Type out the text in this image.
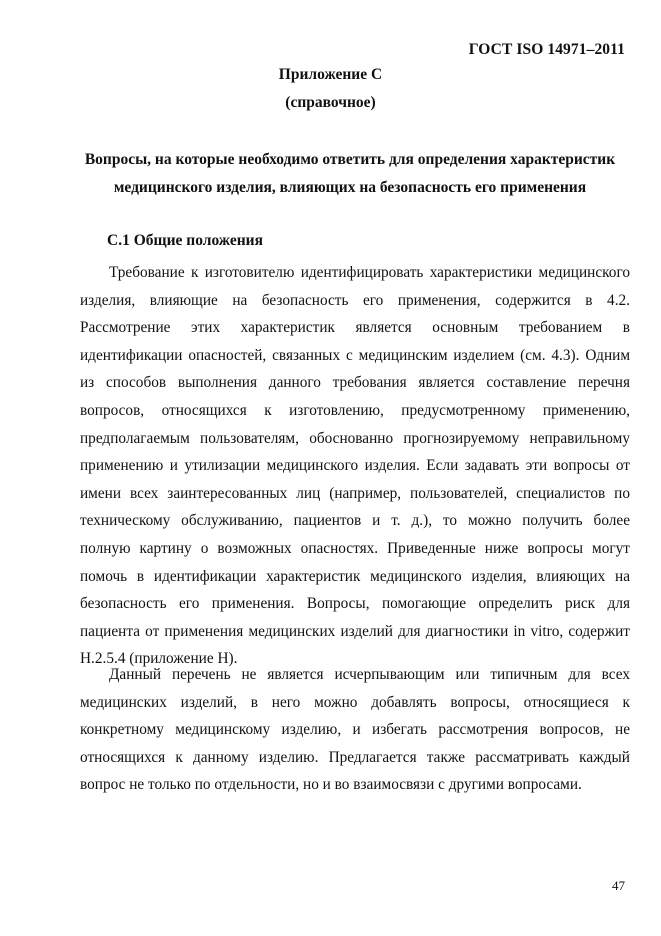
ГОСТ ISO 14971–2011
Приложение С
(справочное)
Вопросы, на которые необходимо ответить для определения характеристик
медицинского изделия, влияющих на безопасность его применения
С.1 Общие положения
Требование к изготовителю идентифицировать характеристики медицинского
изделия, влияющие на безопасность его применения, содержится в 4.2.
Рассмотрение этих характеристик является основным требованием в
идентификации опасностей, связанных с медицинским изделием (см. 4.3). Одним
из способов выполнения данного требования является составление перечня
вопросов, относящихся к изготовлению, предусмотренному применению,
предполагаемым пользователям, обоснованно прогнозируемому неправильному
применению и утилизации медицинского изделия. Если задавать эти вопросы от
имени всех заинтересованных лиц (например, пользователей, специалистов по
техническому обслуживанию, пациентов и т. д.), то можно получить более
полную картину о возможных опасностях. Приведенные ниже вопросы могут
помочь в идентификации характеристик медицинского изделия, влияющих на
безопасность его применения. Вопросы, помогающие определить риск для
пациента от применения медицинских изделий для диагностики in vitro, содержит
Н.2.5.4 (приложение Н).
Данный перечень не является исчерпывающим или типичным для всех
медицинских изделий, в него можно добавлять вопросы, относящиеся к
конкретному медицинскому изделию, и избегать рассмотрения вопросов, не
относящихся к данному изделию. Предлагается также рассматривать каждый
вопрос не только по отдельности, но и во взаимосвязи с другими вопросами.
47
